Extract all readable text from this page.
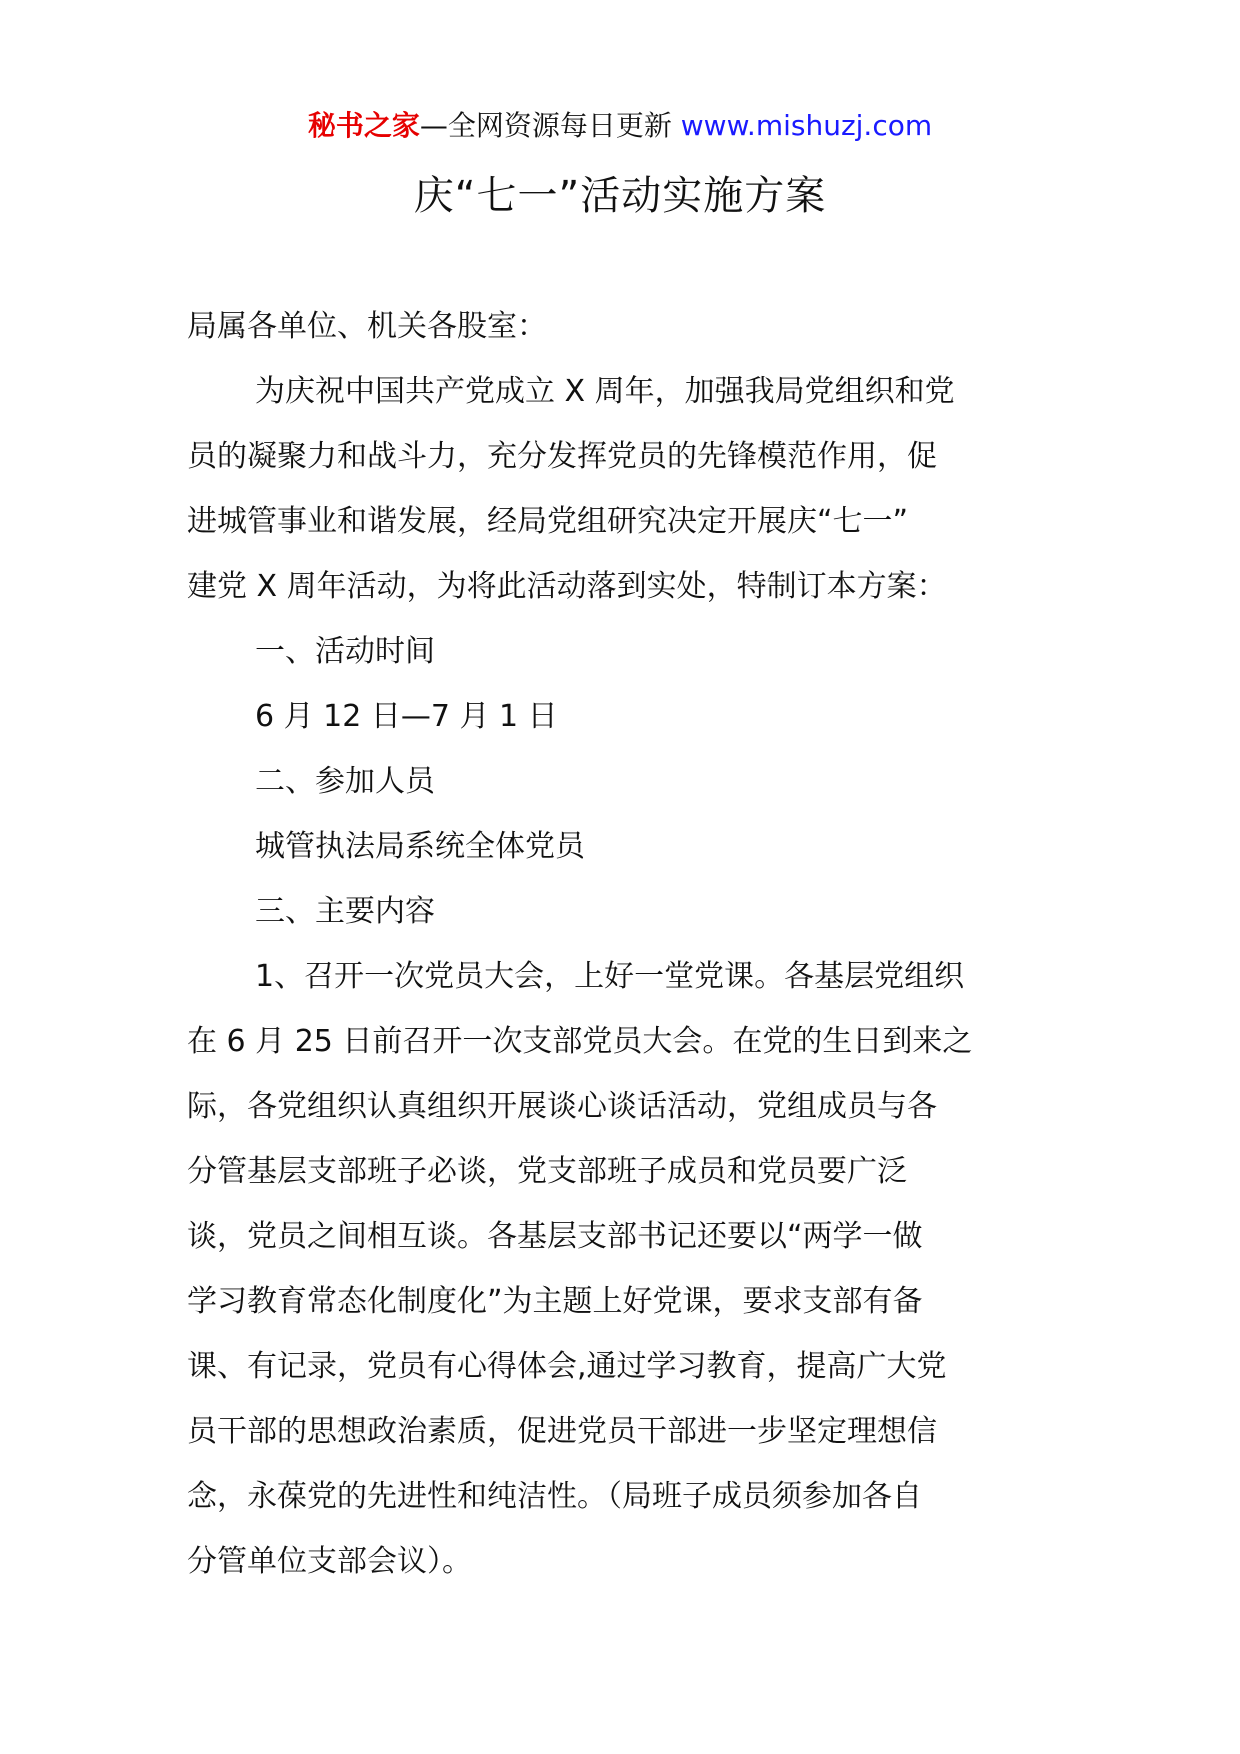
秘书之家—全网资源每日更新 www.mishuzj.com
庆“七一”活动实施方案
局属各单位、机关各股室：
为庆祝中国共产党成立 X 周年，加强我局党组织和党
员的凝聚力和战斗力，充分发挥党员的先锋模范作用，促
进城管事业和谐发展，经局党组研究决定开展庆“七一”
建党 X 周年活动，为将此活动落到实处，特制订本方案：
一、活动时间
6 月 12 日—7 月 1 日
二、参加人员
城管执法局系统全体党员
三、主要内容
1、召开一次党员大会，上好一堂党课。各基层党组织
在 6 月 25 日前召开一次支部党员大会。在党的生日到来之
际，各党组织认真组织开展谈心谈话活动，党组成员与各
分管基层支部班子必谈，党支部班子成员和党员要广泛
谈，党员之间相互谈。各基层支部书记还要以“两学一做
学习教育常态化制度化”为主题上好党课，要求支部有备
课、有记录，党员有心得体会,通过学习教育，提高广大党
员干部的思想政治素质，促进党员干部进一步坚定理想信
念，永葆党的先进性和纯洁性。（局班子成员须参加各自
分管单位支部会议）。
